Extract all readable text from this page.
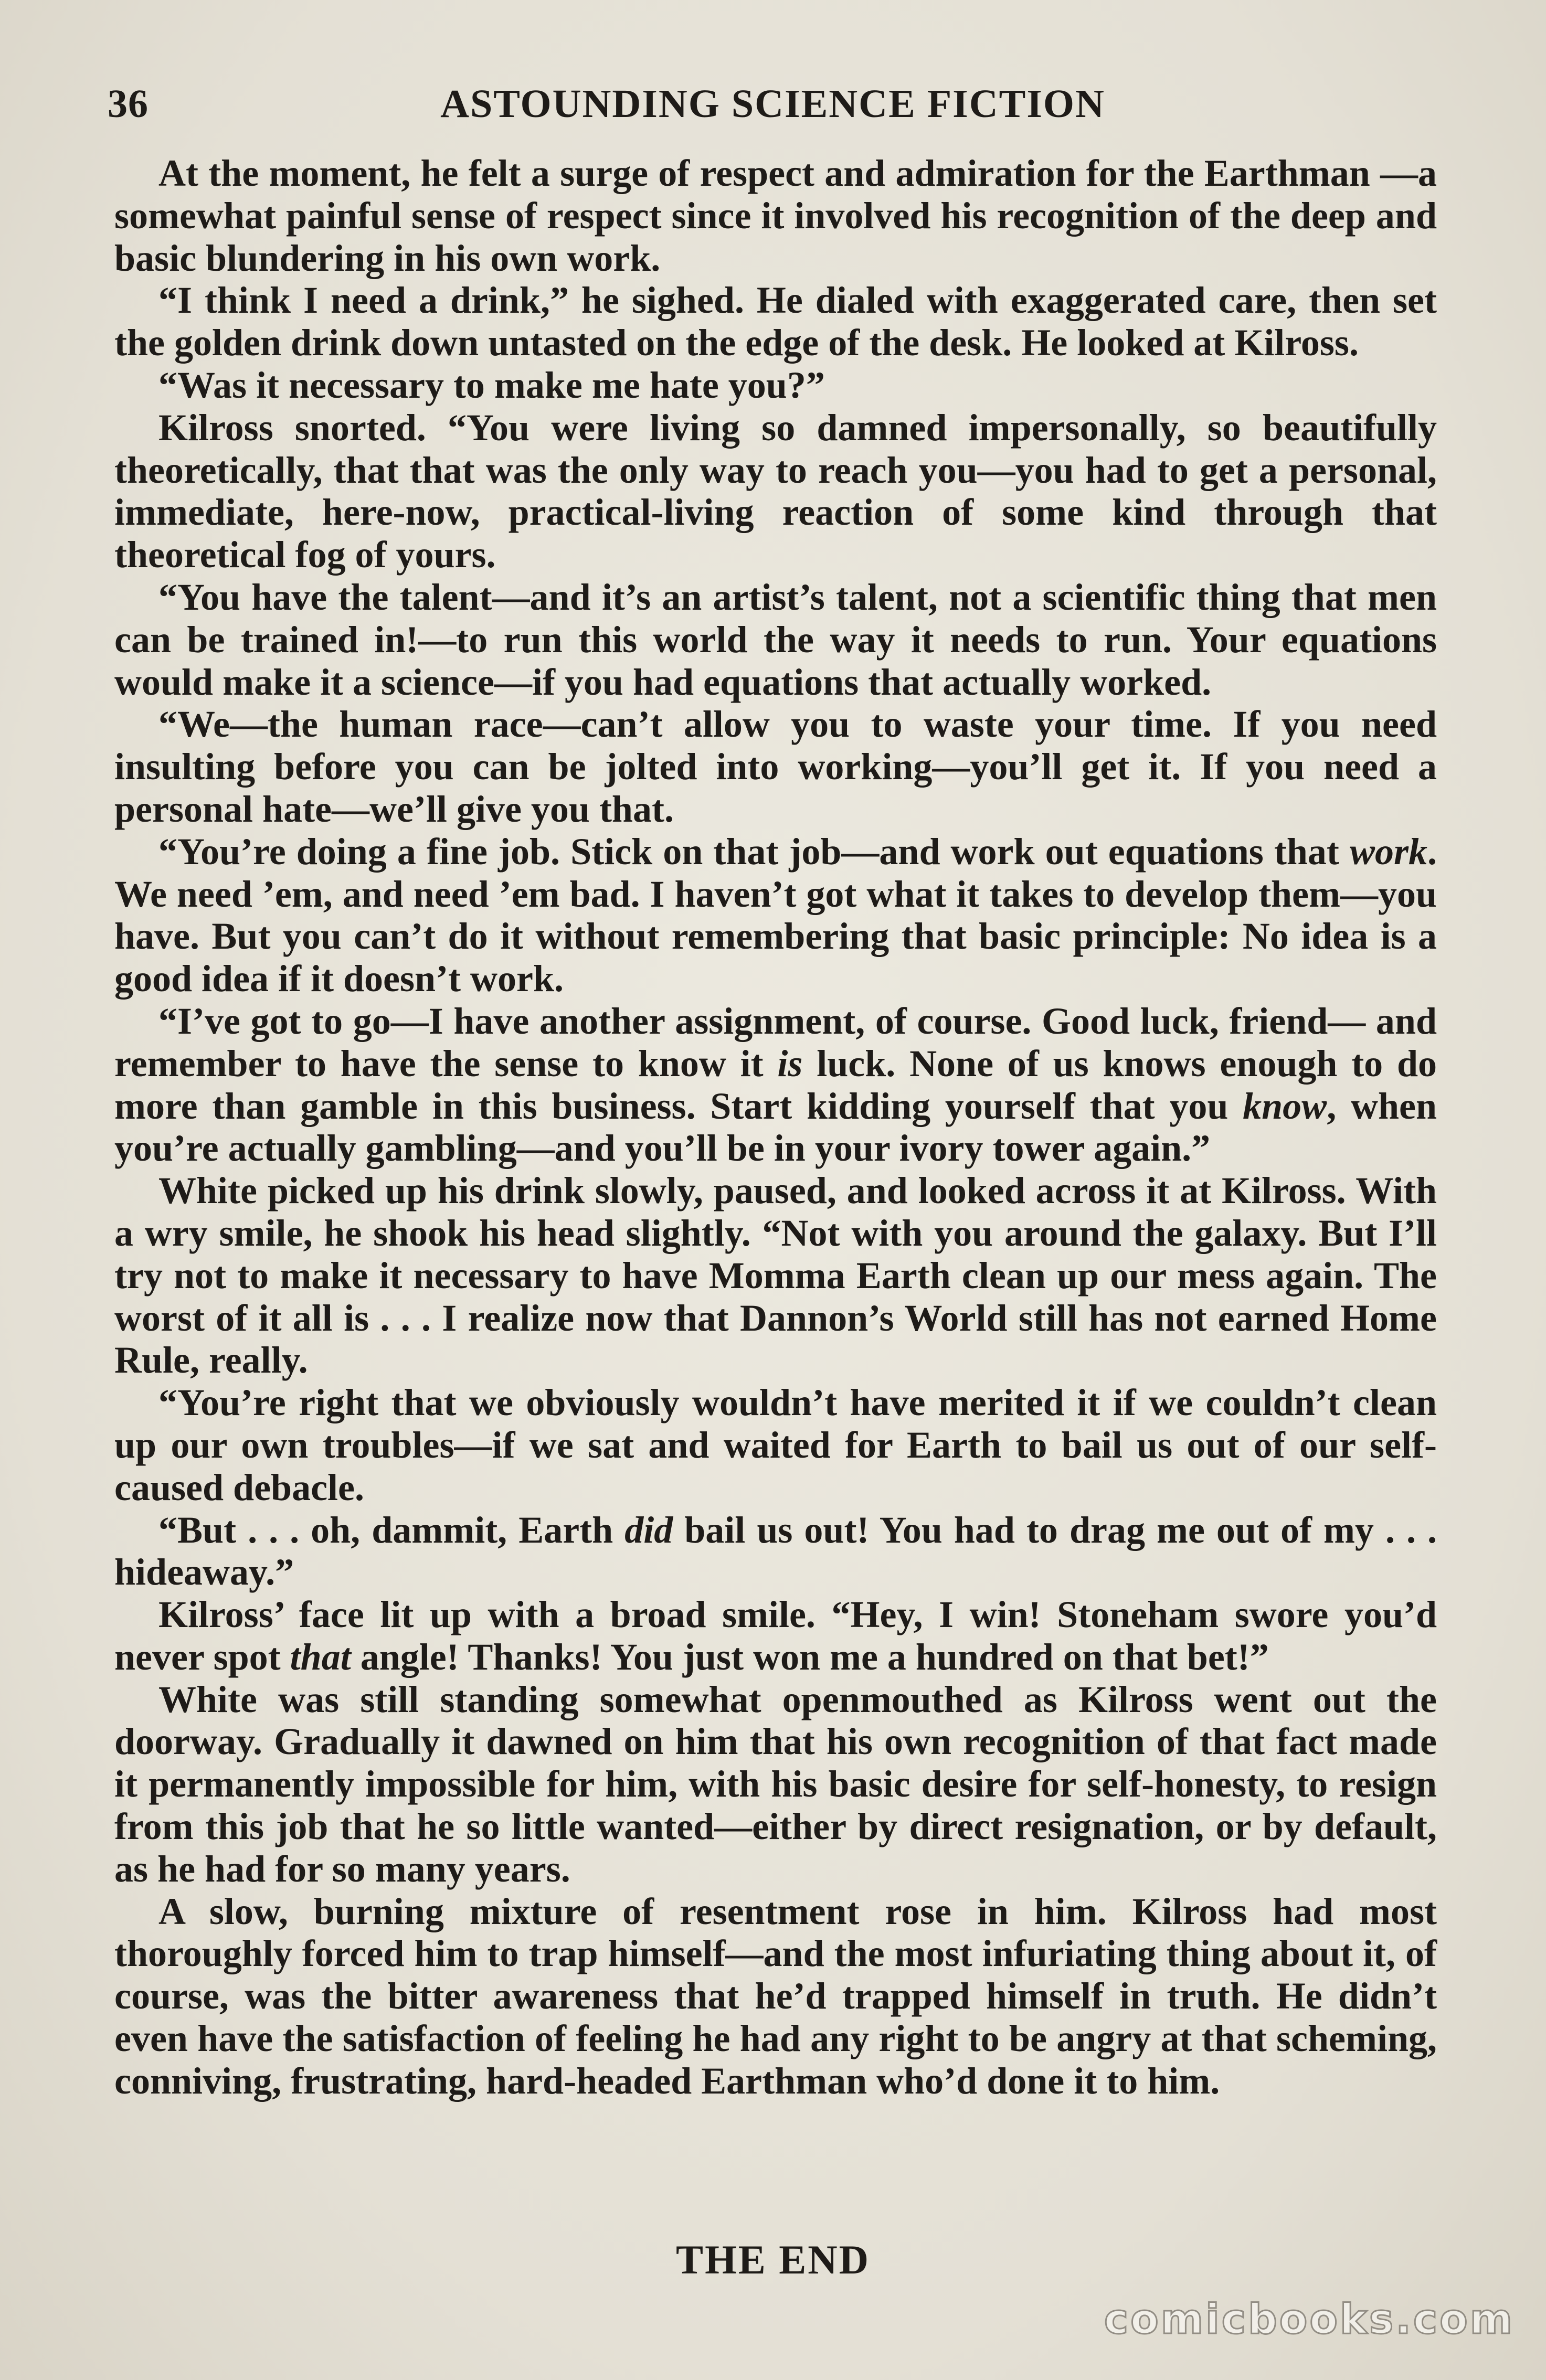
36	ASTOUNDING SCIENCE FICTION

At the moment, he felt a surge of respect and admiration for the Earthman —a somewhat painful sense of respect since it involved his recognition of the deep and basic blundering in his own work.

“I think I need a drink,” he sighed. He dialed with exaggerated care, then set the golden drink down untasted on the edge of the desk. He looked at Kilross.

“Was it necessary to make me hate you?”

Kilross snorted. “You were living so damned impersonally, so beautifully theoretically, that that was the only way to reach you—you had to get a personal, immediate, here-now, practical-living reaction of some kind through that theoretical fog of yours.

“You have the talent—and it’s an artist’s talent, not a scientific thing that men can be trained in!—to run this world the way it needs to run. Your equations would make it a science—if you had equations that actually worked.

“We—the human race—can’t allow you to waste your time. If you need insulting before you can be jolted into working—you’ll get it. If you need a personal hate—we’ll give you that.

“You’re doing a fine job. Stick on that job—and work out equations that work. We need ’em, and need ’em bad. I haven’t got what it takes to develop them—you have. But you can’t do it without remembering that basic principle: No idea is a good idea if it doesn’t work.

“I’ve got to go—I have another assignment, of course. Good luck, friend— and remember to have the sense to know it is luck. None of us knows enough to do more than gamble in this business. Start kidding yourself that you know, when you’re actually gambling—and you’ll be in your ivory tower again.”

White picked up his drink slowly, paused, and looked across it at Kilross. With a wry smile, he shook his head slightly. “Not with you around the galaxy. But I’ll try not to make it necessary to have Momma Earth clean up our mess again. The worst of it all is . . . I realize now that Dannon’s World still has not earned Home Rule, really.

“You’re right that we obviously wouldn’t have merited it if we couldn’t clean up our own troubles—if we sat and waited for Earth to bail us out of our self-caused debacle.

“But . . . oh, dammit, Earth did bail us out! You had to drag me out of my . . . hideaway.”

Kilross’ face lit up with a broad smile. “Hey, I win! Stoneham swore you’d never spot that angle! Thanks! You just won me a hundred on that bet!”

White was still standing somewhat openmouthed as Kilross went out the doorway. Gradually it dawned on him that his own recognition of that fact made it permanently impossible for him, with his basic desire for self-honesty, to resign from this job that he so little wanted—either by direct resignation, or by default, as he had for so many years.

A slow, burning mixture of resentment rose in him. Kilross had most thoroughly forced him to trap himself—and the most infuriating thing about it, of course, was the bitter awareness that he’d trapped himself in truth. He didn’t even have the satisfaction of feeling he had any right to be angry at that scheming, conniving, frustrating, hard-headed Earthman who’d done it to him.

THE END
comicbooks.com
